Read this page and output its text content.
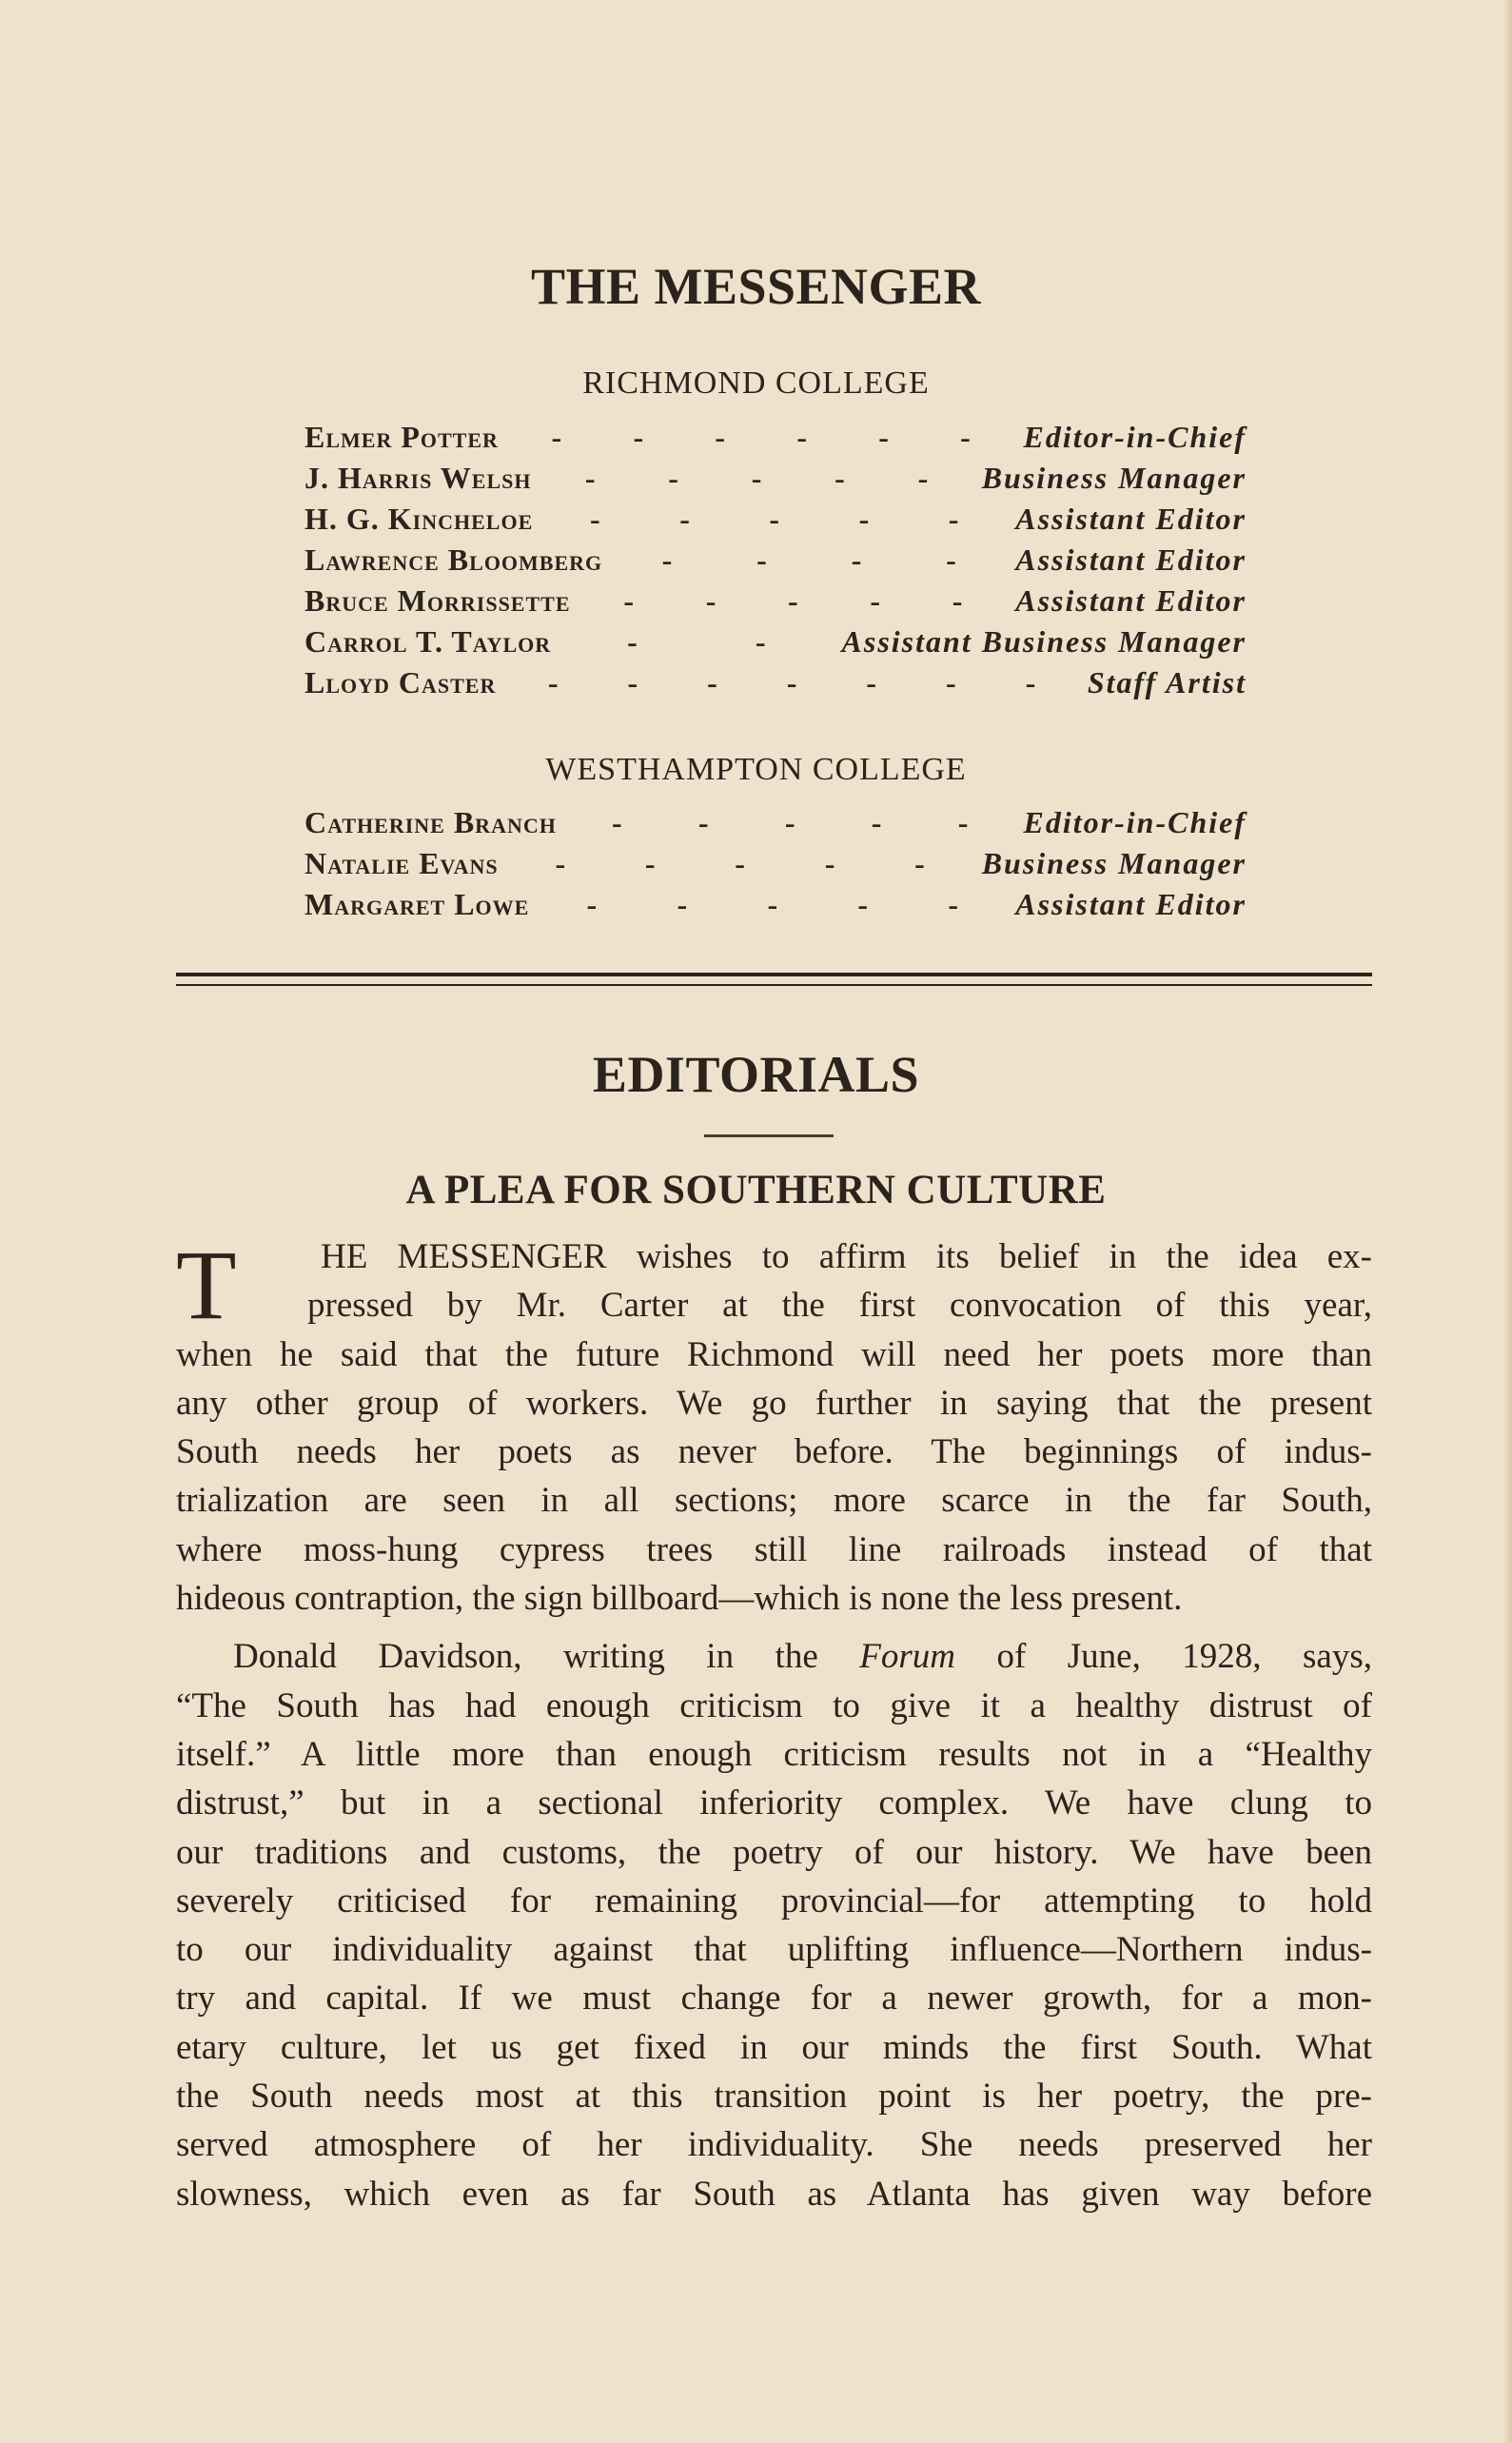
THE MESSENGER
RICHMOND COLLEGE
Elmer Potter - - - - - - Editor-in-Chief
J. Harris Welsh - - - - - Business Manager
H. G. Kincheloe -	-	-	-	- Assistant Editor
Lawrence Bloomberg -	-	-	- Assistant Editor
Bruce Morrissette - - - - - Assistant Editor
Carrol T. Taylor	-	-	Assistant Business Manager
Lloyd Caster - - - - - - - Staff Artist
WESTHAMPTON COLLEGE
Catherine Branch -	-	-	-	- Editor-in-Chief
Natalie Evans -	-	-	-	- Business Manager
Margaret Lowe -	-	-	-	- Assistant Editor
EDITORIALS
A PLEA FOR SOUTHERN CULTURE
T	HE MESSENGER wishes to affirm its belief in the idea ex-
pressed by Mr. Carter at the first convocation of this year,
when he said that the future Richmond will need her poets more than
any other group of workers. We go further in saying that the present
South needs her poets as never before. The beginnings of indus-
trialization are seen in all sections; more scarce in the far South,
where moss-hung cypress trees still line railroads instead of that
hideous contraption, the sign billboard—which is none the less present.
Donald Davidson, writing in the Forum of June, 1928, says,
“The South has had enough criticism to give it a healthy distrust of
itself.” A little more than enough criticism results not in a “Healthy
distrust,” but in a sectional inferiority complex. We have clung to
our traditions and customs, the poetry of our history. We have been
severely criticised for remaining provincial—for attempting to hold
to our individuality against that uplifting influence—Northern indus-
try and capital. If we must change for a newer growth, for a mon-
etary culture, let us get fixed in our minds the first South. What
the South needs most at this transition point is her poetry, the pre-
served atmosphere of her individuality. She needs preserved her
slowness, which even as far South as Atlanta has given way before
